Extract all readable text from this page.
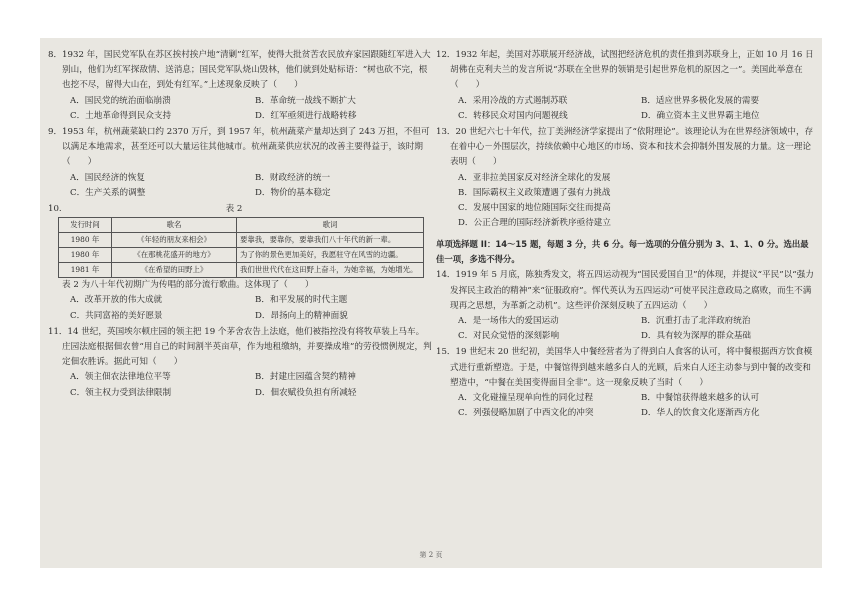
8．1932 年，国民党军队在苏区挨村挨户地“清剿”红军，使得大批贫苦农民放弃家园跟随红军进入大别山，他们为红军探敌情、送消息；国民党军队烧山毁林，他们就到处贴标语：“树也砍不完，根也挖不尽，留得大山在，到处有红军。”上述现象反映了（　　）
A．国民党的统治面临崩溃	B．革命统一战线不断扩大
C．土地革命得到民众支持	D．红军亟须进行战略转移
9．1953 年，杭州蔬菜缺口约 2370 万斤，到 1957 年，杭州蔬菜产量却达到了 243 万担，不但可以满足本地需求，甚至还可以大量运往其他城市。杭州蔬菜供应状况的改善主要得益于，该时期（　　）
A．国民经济的恢复	B．财政经济的统一
C．生产关系的调整	D．物价的基本稳定
10.	表 2
发行时间	歌名	歌词
1980 年	《年轻的朋友来相会》	要靠我，要靠你，要靠我们八十年代的新一辈。
1980 年	《在那桃花盛开的地方》	为了你的景色更加美好，我愿驻守在风雪的边疆。
1981 年	《在希望的田野上》	我们世世代代在这田野上奋斗，为她幸福，为她增光。
表 2 为八十年代初期广为传唱的部分流行歌曲。这体现了（　　）
A．改革开放的伟大成就	B．和平发展的时代主题
C．共同富裕的美好愿景	D．昂扬向上的精神面貌
11．14 世纪，英国埃尔顿庄园的领主把 19 个茅舍农告上法庭，他们被指控没有将牧草装上马车。庄园法庭根据佃农曾“用自己的时间割半英亩草，作为地租缴纳，并要操成堆”的劳役惯例规定，判定佃农胜诉。据此可知（　　）
A．领主佃农法律地位平等	B．封建庄园蕴含契约精神
C．领主权力受到法律限制	D．佃农赋役负担有所减轻
12．1932 年起，美国对苏联展开经济战，试图把经济危机的责任推到苏联身上，正如 10 月 16 日胡佛在克利夫兰的发言所说“苏联在全世界的领销是引起世界危机的原因之一”。美国此举意在（　　）
A．采用冷战的方式遏制苏联	B．适应世界多极化发展的需要
C．转移民众对国内问题视线	D．确立资本主义世界霸主地位
13．20 世纪六七十年代，拉丁美洲经济学家提出了“依附理论”。该理论认为在世界经济领域中，存在着中心－外围层次，持续依赖中心地区的市场、资本和技术会抑制外围发展的力量。这一理论表明（　　）
A．亚非拉美国家反对经济全球化的发展
B．国际霸权主义政策遭遇了强有力挑战
C．发展中国家的地位随国际交往而提高
D．公正合理的国际经济新秩序亟待建立
单项选择题 II：14～15 题，每题 3 分，共 6 分。每一选项的分值分别为 3、1、1、0 分。选出最佳一项，多选不得分。
14．1919 年 5 月底，陈独秀发文，将五四运动视为“国民爱国自卫”的体现，并提议“平民”以“强力发挥民主政治的精神”来“征服政府”。恽代英认为五四运动“可使平民注意政局之腐败，而生不满现再之思想，为革新之动机”。这些评价深刻反映了五四运动（　　）
A．是一场伟大的爱国运动	B．沉重打击了北洋政府统治
C．对民众觉悟的深刻影响	D．具有较为深厚的群众基础
15．19 世纪末 20 世纪初，美国华人中餐经营者为了得到白人食客的认可，将中餐根据西方饮食模式进行重新塑造。于是，中餐馆得到越来越多白人的光顾，后来白人还主动参与到中餐的改变和塑造中，“中餐在美国变得面目全非”。这一现象反映了当时（　　）
A．文化碰撞呈现单向性的同化过程	B．中餐馆获得越来越多的认可
C．列强侵略加剧了中西文化的冲突	D．华人的饮食文化逐渐西方化
第 2 页
